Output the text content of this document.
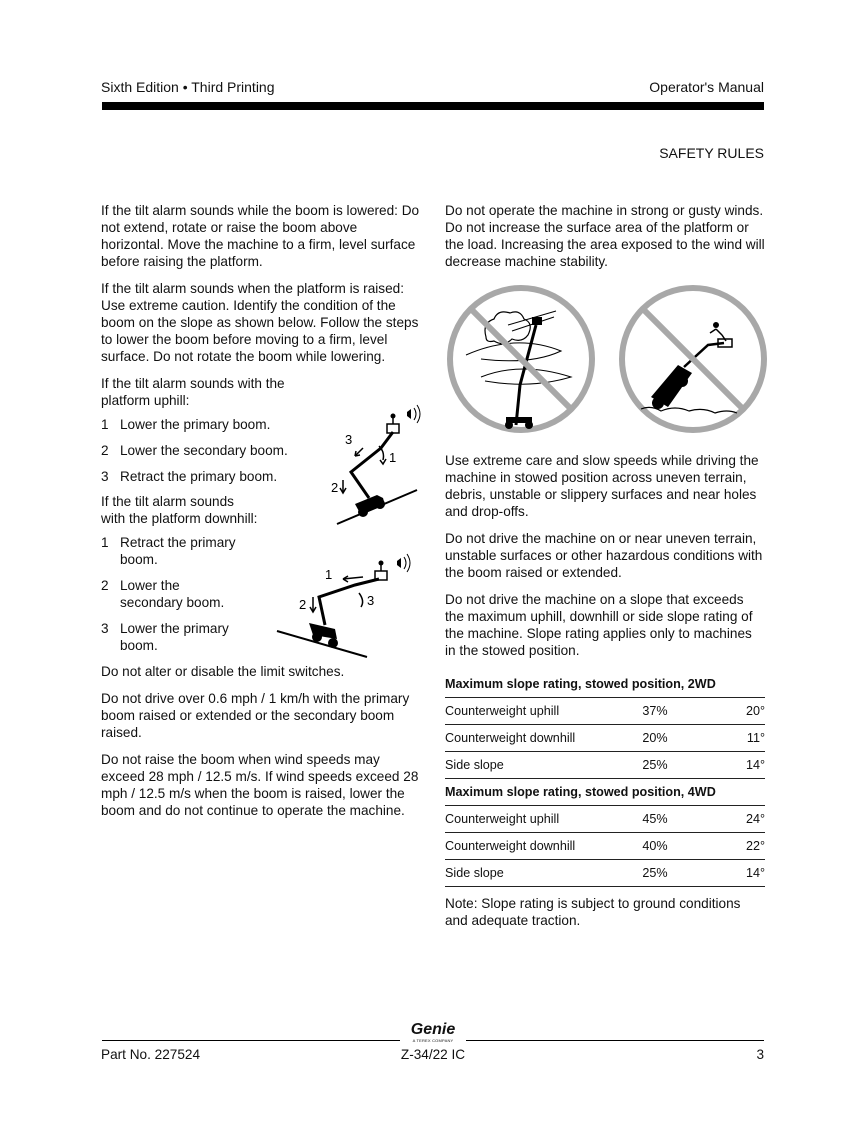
Sixth Edition • Third Printing	Operator's Manual
SAFETY RULES

If the tilt alarm sounds while the boom is lowered: Do not extend, rotate or raise the boom above horizontal. Move the machine to a firm, level surface before raising the platform.

If the tilt alarm sounds when the platform is raised: Use extreme caution. Identify the condition of the boom on the slope as shown below. Follow the steps to lower the boom before moving to a firm, level surface. Do not rotate the boom while lowering.

If the tilt alarm sounds with the platform uphill:

1 Lower the primary boom.
2 Lower the secondary boom.
3 Retract the primary boom.

If the tilt alarm sounds with the platform downhill:

1 Retract the primary boom.
2 Lower the secondary boom.
3 Lower the primary boom.

Do not alter or disable the limit switches.

Do not drive over 0.6 mph / 1 km/h with the primary boom raised or extended or the secondary boom raised.

Do not raise the boom when wind speeds may exceed 28 mph / 12.5 m/s. If wind speeds exceed 28 mph / 12.5 m/s when the boom is raised, lower the boom and do not continue to operate the machine.

1
2
3
1
2	3

Do not operate the machine in strong or gusty winds. Do not increase the surface area of the platform or the load. Increasing the area exposed to the wind will decrease machine stability.

Use extreme care and slow speeds while driving the machine in stowed position across uneven terrain, debris, unstable or slippery surfaces and near holes and drop-offs.

Do not drive the machine on or near uneven terrain, unstable surfaces or other hazardous conditions with the boom raised or extended.

Do not drive the machine on a slope that exceeds the maximum uphill, downhill or side slope rating of the machine. Slope rating applies only to machines in the stowed position.

Maximum slope rating, stowed position, 2WD		
Counterweight uphill	37%	20°
Counterweight downhill	20%	11°
Side slope	25%	14°
Maximum slope rating, stowed position, 4WD		
Counterweight uphill	45%	24°
Counterweight downhill	40%	22°
Side slope	25%	14°

Note: Slope rating is subject to ground conditions and adequate traction.

Genie
A TEREX COMPANY
Part No. 227524	Z-34/22 IC	3
